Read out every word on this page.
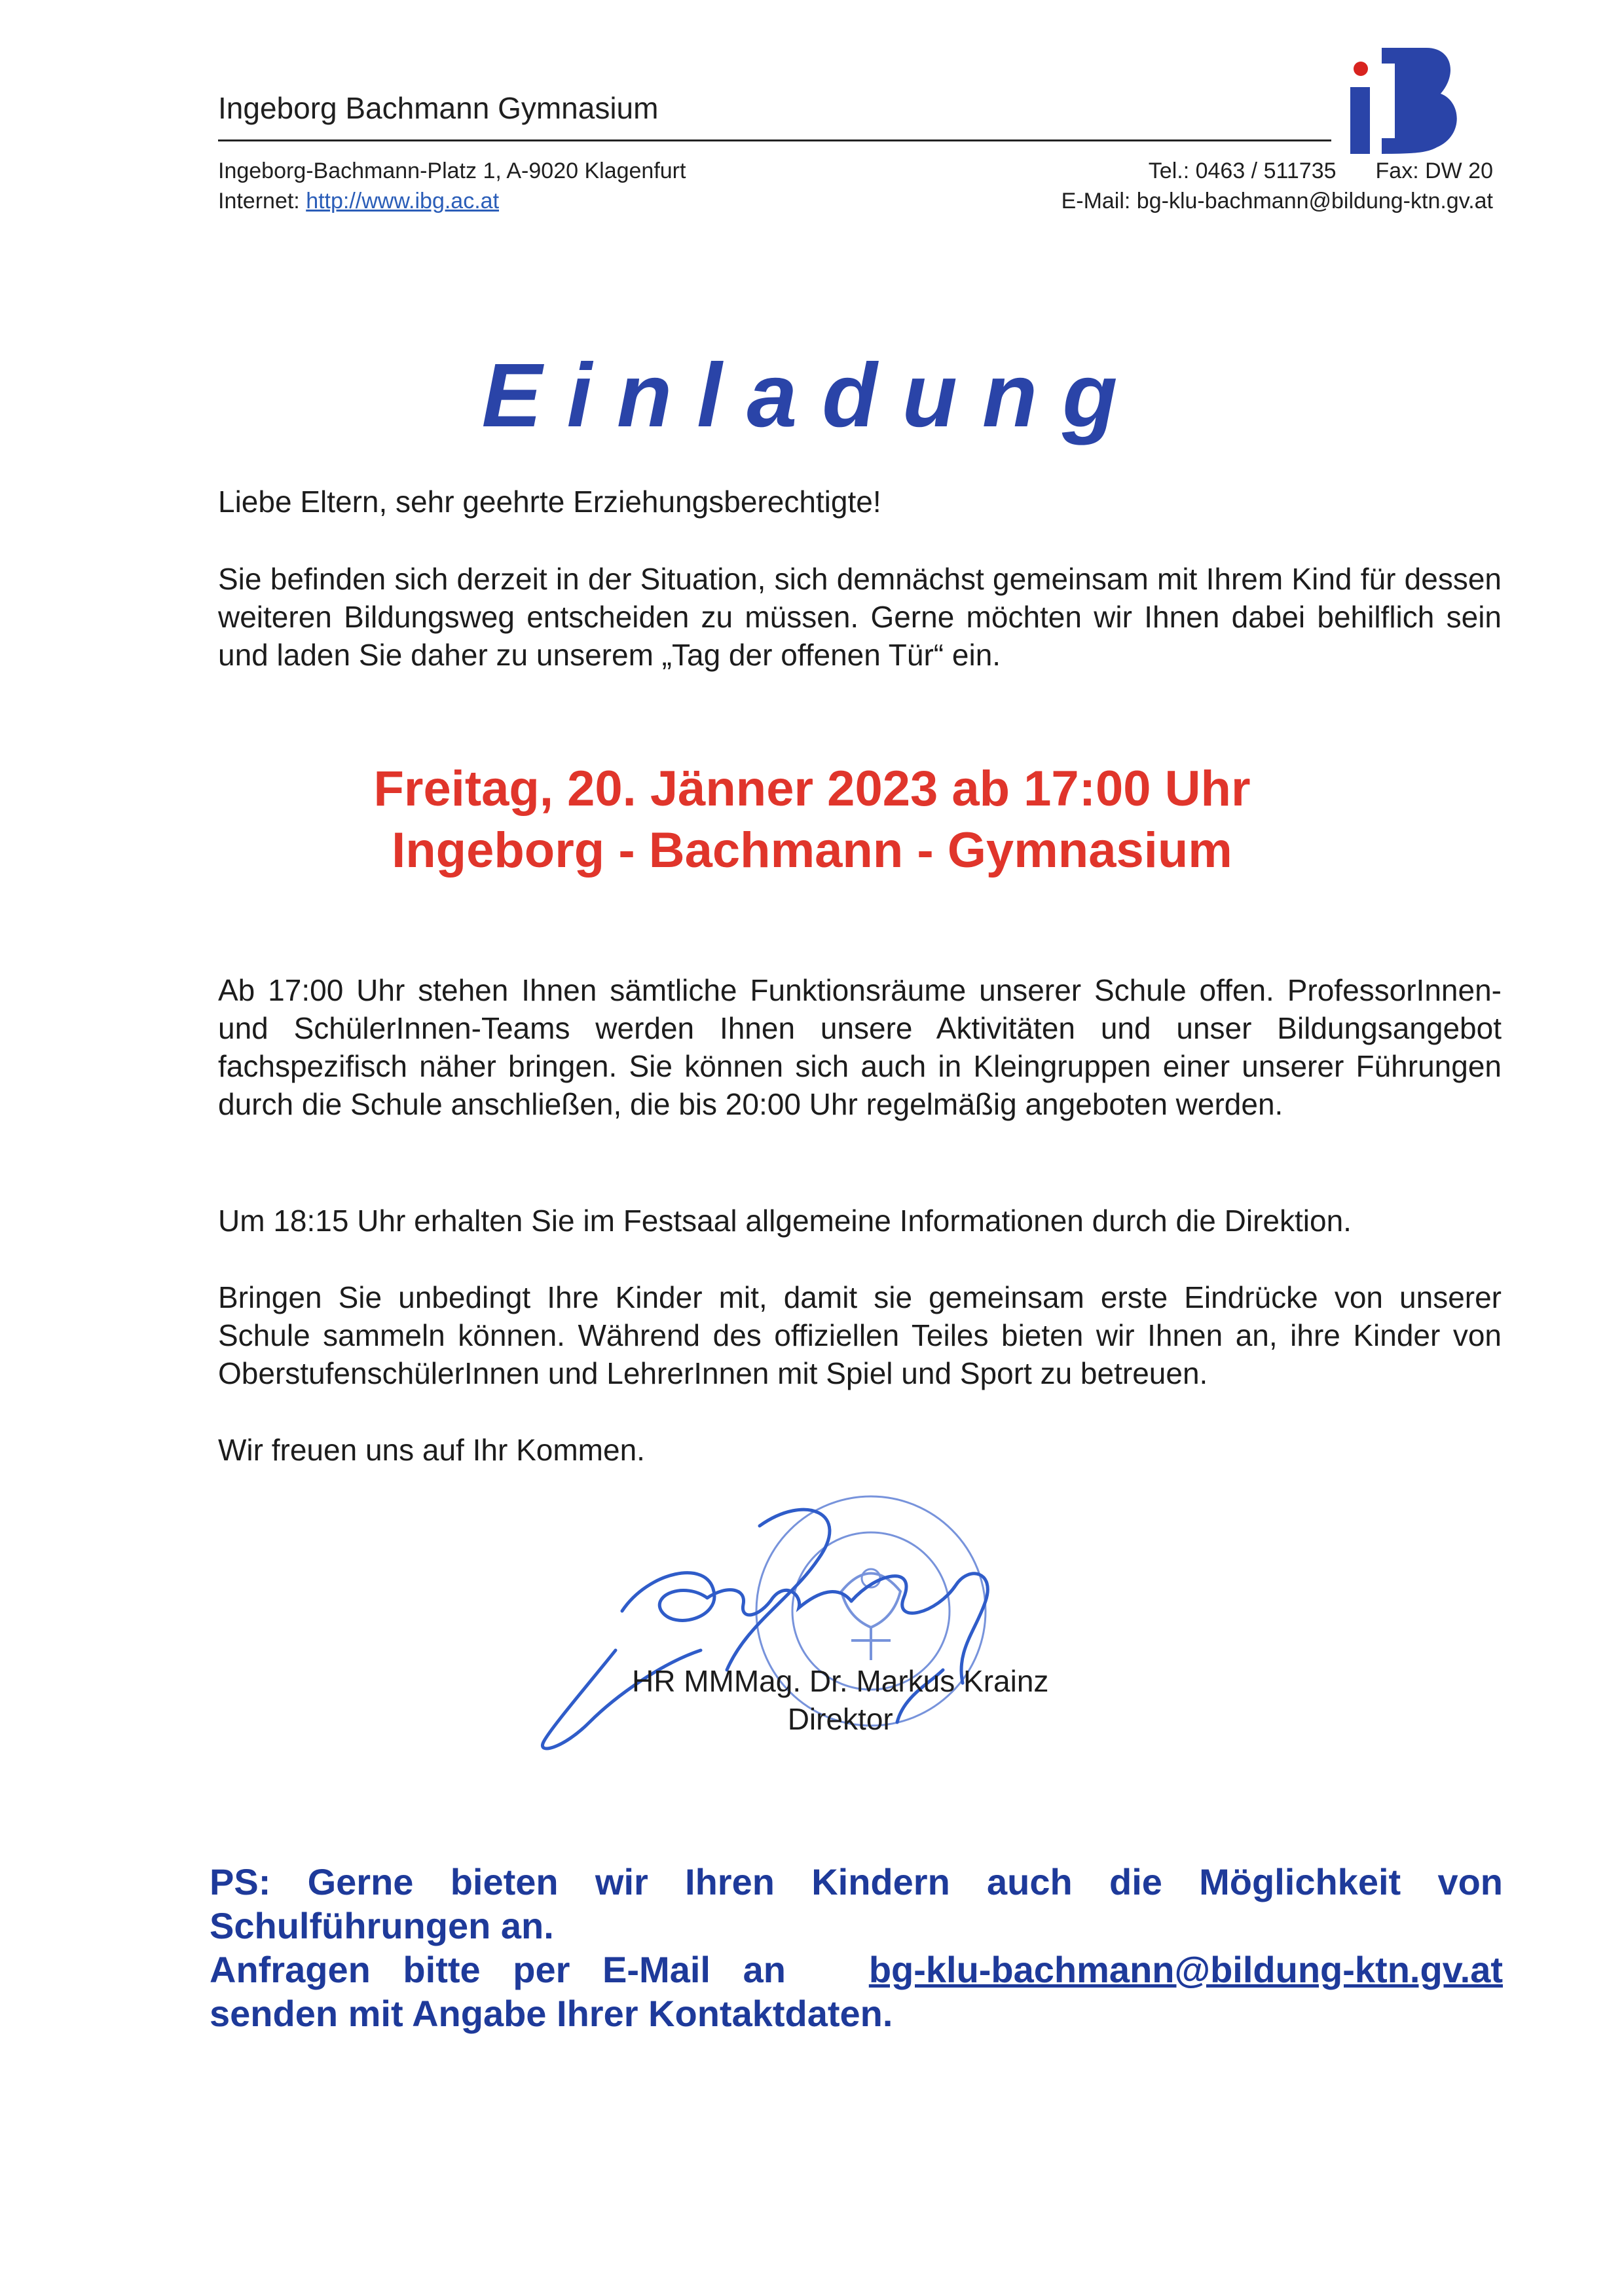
Ingeborg Bachmann Gymnasium
Ingeborg-Bachmann-Platz 1, A-9020 Klagenfurt
Internet: http://www.ibg.ac.at
Tel.: 0463 / 511735 Fax: DW 20
E-Mail: bg-klu-bachmann@bildung-ktn.gv.at
Einladung
Liebe Eltern, sehr geehrte Erziehungsberechtigte!
Sie befinden sich derzeit in der Situation, sich demnächst gemeinsam mit Ihrem Kind für dessen weiteren Bildungsweg entscheiden zu müssen. Gerne möchten wir Ihnen dabei behilflich sein und laden Sie daher zu unserem „Tag der offenen Tür“ ein.
Freitag, 20. Jänner 2023 ab 17:00 Uhr
Ingeborg - Bachmann - Gymnasium
Ab 17:00 Uhr stehen Ihnen sämtliche Funktionsräume unserer Schule offen. ProfessorInnen- und SchülerInnen-Teams werden Ihnen unsere Aktivitäten und unser Bildungsangebot fachspezifisch näher bringen. Sie können sich auch in Kleingruppen einer unserer Führungen durch die Schule anschließen, die bis 20:00 Uhr regelmäßig angeboten werden.
Um 18:15 Uhr erhalten Sie im Festsaal allgemeine Informationen durch die Direktion.
Bringen Sie unbedingt Ihre Kinder mit, damit sie gemeinsam erste Eindrücke von unserer Schule sammeln können. Während des offiziellen Teiles bieten wir Ihnen an, ihre Kinder von OberstufenschülerInnen und LehrerInnen mit Spiel und Sport zu betreuen.
Wir freuen uns auf Ihr Kommen.
HR MMMag. Dr. Markus Krainz
Direktor
PS: Gerne bieten wir Ihren Kindern auch die Möglichkeit von Schulführungen an.
Anfragen bitte per E-Mail an bg-klu-bachmann@bildung-ktn.gv.at
senden mit Angabe Ihrer Kontaktdaten.
